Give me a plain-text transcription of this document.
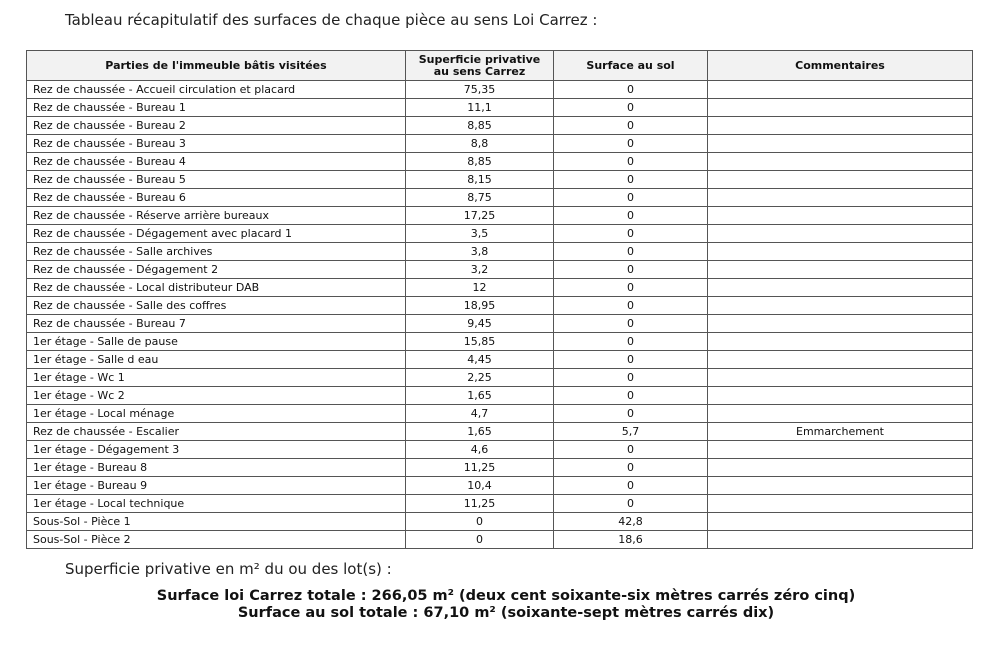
Tableau récapitulatif des surfaces de chaque pièce au sens Loi Carrez :
Parties de l'immeuble bâtis visitées	Superficie privative au sens Carrez	Surface au sol	Commentaires
Rez de chaussée - Accueil circulation et placard	75,35	0	
Rez de chaussée - Bureau 1	11,1	0	
Rez de chaussée - Bureau 2	8,85	0	
Rez de chaussée - Bureau 3	8,8	0	
Rez de chaussée - Bureau 4	8,85	0	
Rez de chaussée - Bureau 5	8,15	0	
Rez de chaussée - Bureau 6	8,75	0	
Rez de chaussée - Réserve arrière bureaux	17,25	0	
Rez de chaussée - Dégagement avec placard 1	3,5	0	
Rez de chaussée - Salle archives	3,8	0	
Rez de chaussée - Dégagement 2	3,2	0	
Rez de chaussée - Local distributeur DAB	12	0	
Rez de chaussée - Salle des coffres	18,95	0	
Rez de chaussée - Bureau 7	9,45	0	
1er étage - Salle de pause	15,85	0	
1er étage - Salle d eau	4,45	0	
1er étage - Wc 1	2,25	0	
1er étage - Wc 2	1,65	0	
1er étage - Local ménage	4,7	0	
Rez de chaussée - Escalier	1,65	5,7	Emmarchement
1er étage - Dégagement 3	4,6	0	
1er étage - Bureau 8	11,25	0	
1er étage - Bureau 9	10,4	0	
1er étage - Local technique	11,25	0	
Sous-Sol - Pièce 1	0	42,8	
Sous-Sol - Pièce 2	0	18,6	
Superficie privative en m² du ou des lot(s) :
Surface loi Carrez totale : 266,05 m² (deux cent soixante-six mètres carrés zéro cinq)
Surface au sol totale : 67,10 m² (soixante-sept mètres carrés dix)
